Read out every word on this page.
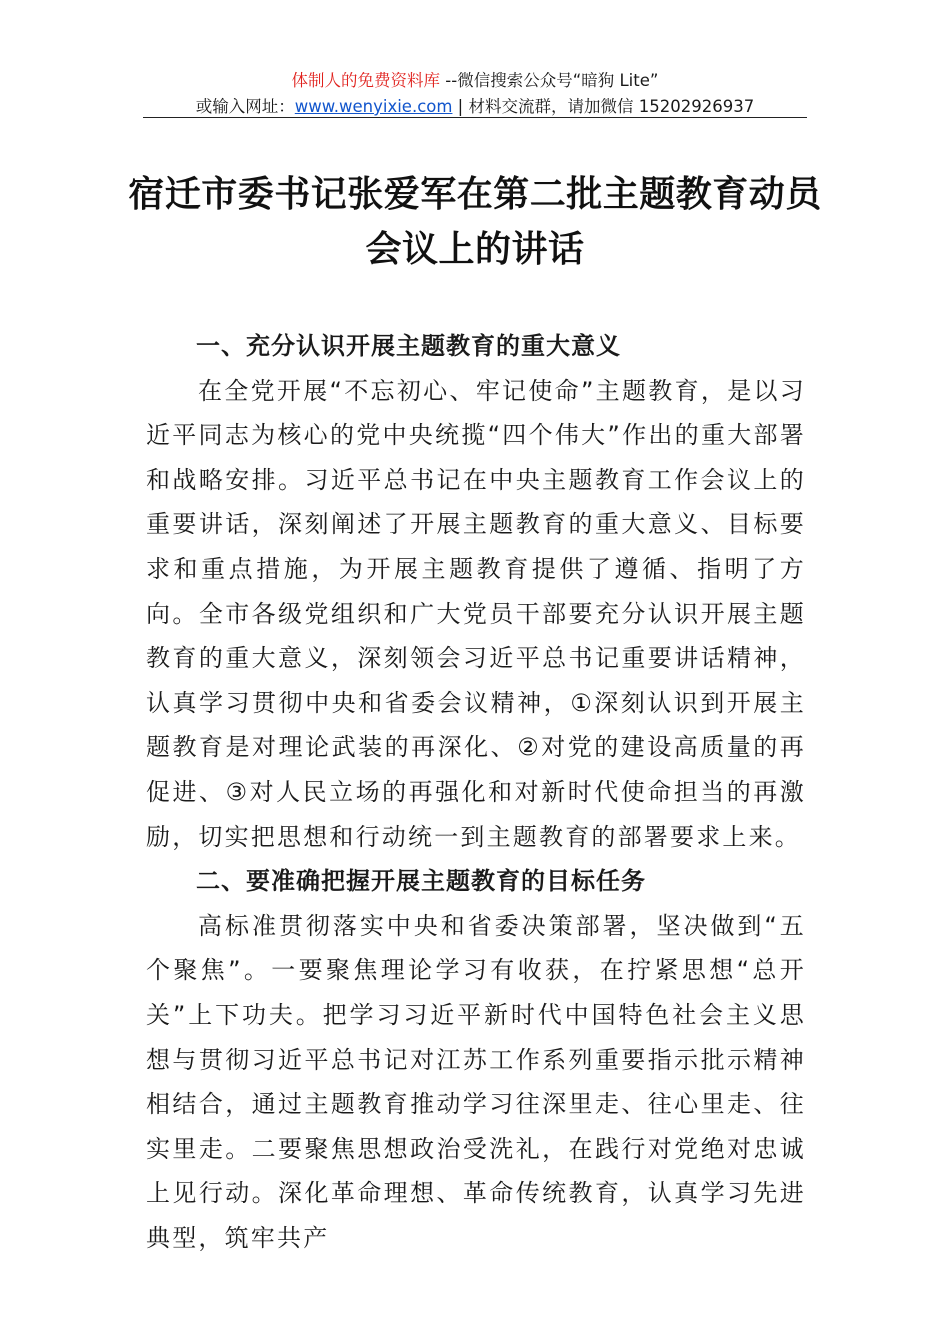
体制人的免费资料库 --微信搜索公众号“暗狗 Lite”
或输入网址：www.wenyixie.com | 材料交流群，请加微信 15202926937
宿迁市委书记张爱军在第二批主题教育动员会议上的讲话

一、充分认识开展主题教育的重大意义

在全党开展“不忘初心、牢记使命”主题教育，是以习近平同志为核心的党中央统揽“四个伟大”作出的重大部署和战略安排。习近平总书记在中央主题教育工作会议上的重要讲话，深刻阐述了开展主题教育的重大意义、目标要求和重点措施，为开展主题教育提供了遵循、指明了方向。全市各级党组织和广大党员干部要充分认识开展主题教育的重大意义，深刻领会习近平总书记重要讲话精神，认真学习贯彻中央和省委会议精神，①深刻认识到开展主题教育是对理论武装的再深化、②对党的建设高质量的再促进、③对人民立场的再强化和对新时代使命担当的再激励，切实把思想和行动统一到主题教育的部署要求上来。

二、要准确把握开展主题教育的目标任务

高标准贯彻落实中央和省委决策部署，坚决做到“五个聚焦”。一要聚焦理论学习有收获，在拧紧思想“总开关”上下功夫。把学习习近平新时代中国特色社会主义思想与贯彻习近平总书记对江苏工作系列重要指示批示精神相结合，通过主题教育推动学习往深里走、往心里走、往实里走。二要聚焦思想政治受洗礼，在践行对党绝对忠诚上见行动。深化革命理想、革命传统教育，认真学习先进典型，筑牢共产
